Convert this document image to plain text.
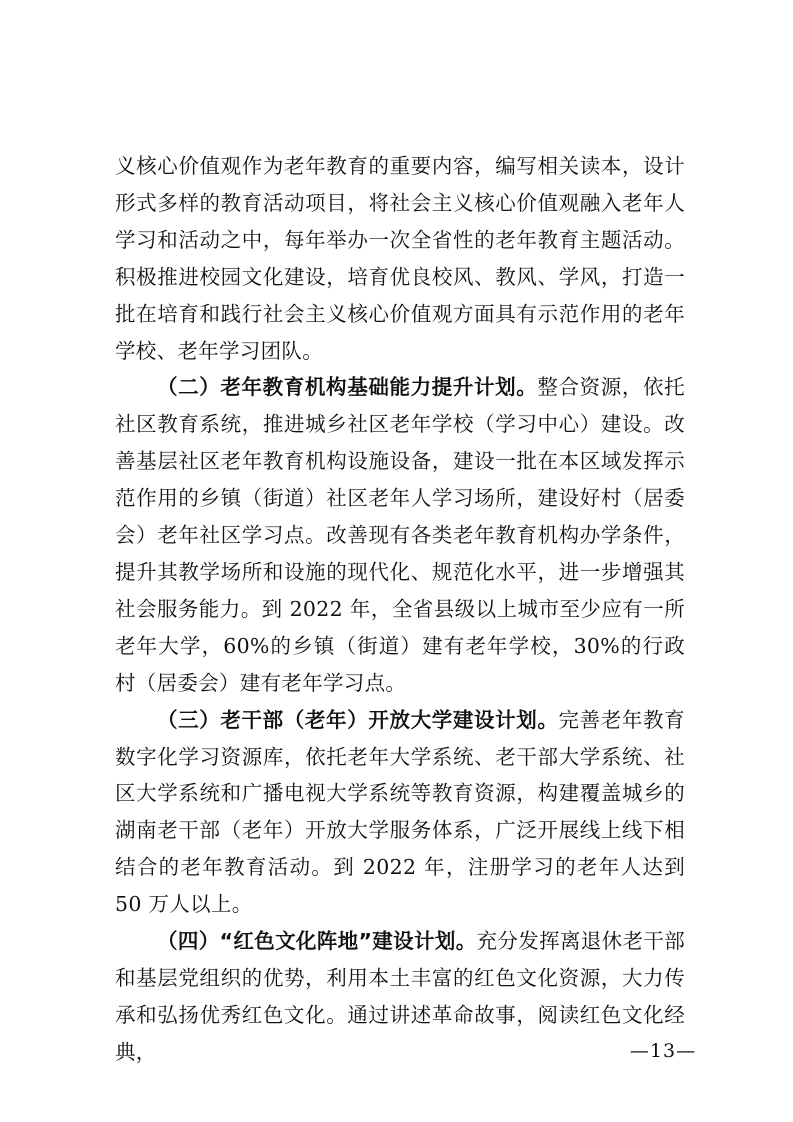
义核心价值观作为老年教育的重要内容，编写相关读本，设计形式多样的教育活动项目，将社会主义核心价值观融入老年人学习和活动之中，每年举办一次全省性的老年教育主题活动。积极推进校园文化建设，培育优良校风、教风、学风，打造一批在培育和践行社会主义核心价值观方面具有示范作用的老年学校、老年学习团队。

（二）老年教育机构基础能力提升计划。整合资源，依托社区教育系统，推进城乡社区老年学校（学习中心）建设。改善基层社区老年教育机构设施设备，建设一批在本区域发挥示范作用的乡镇（街道）社区老年人学习场所，建设好村（居委会）老年社区学习点。改善现有各类老年教育机构办学条件，提升其教学场所和设施的现代化、规范化水平，进一步增强其社会服务能力。到 2022 年，全省县级以上城市至少应有一所老年大学，60%的乡镇（街道）建有老年学校，30%的行政村（居委会）建有老年学习点。

（三）老干部（老年）开放大学建设计划。完善老年教育数字化学习资源库，依托老年大学系统、老干部大学系统、社区大学系统和广播电视大学系统等教育资源，构建覆盖城乡的湖南老干部（老年）开放大学服务体系，广泛开展线上线下相结合的老年教育活动。到 2022 年，注册学习的老年人达到 50 万人以上。

（四）“红色文化阵地”建设计划。充分发挥离退休老干部和基层党组织的优势，利用本土丰富的红色文化资源，大力传承和弘扬优秀红色文化。通过讲述革命故事，阅读红色文化经典，	—13—
